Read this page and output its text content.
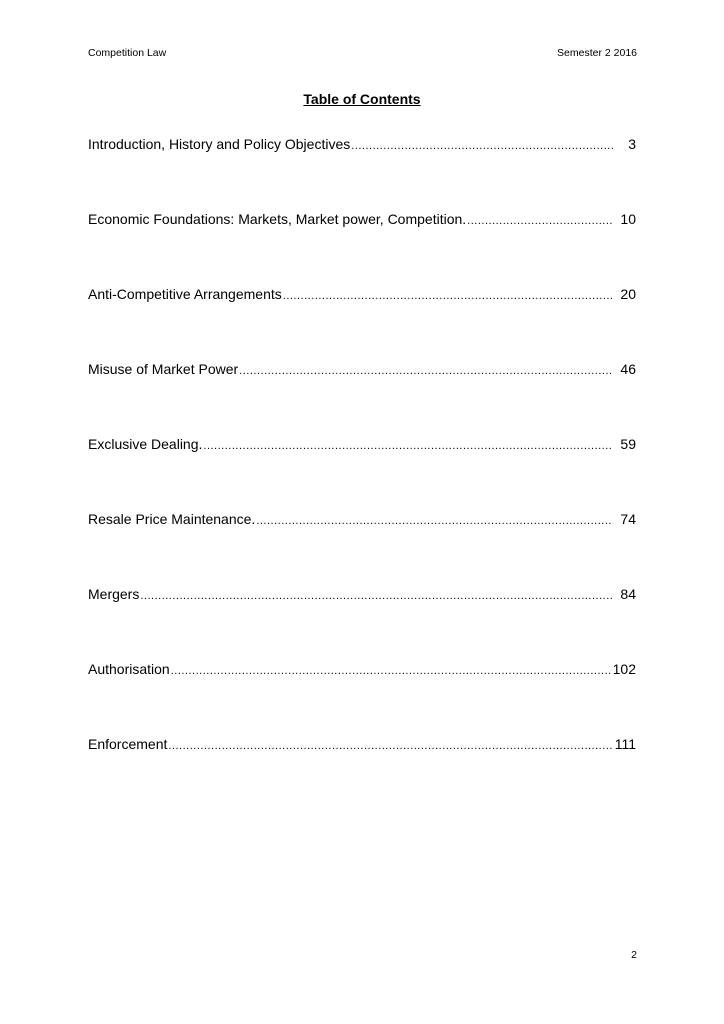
Competition Law	Semester 2 2016
Table of Contents
Introduction, History and Policy Objectives .....	3
Economic Foundations: Markets, Market power, Competition. .....	10
Anti-Competitive Arrangements .....	20
Misuse of Market Power .....	46
Exclusive Dealing. .....	59
Resale Price Maintenance. .....	74
Mergers .....	84
Authorisation .....	102
Enforcement .....	111
2
